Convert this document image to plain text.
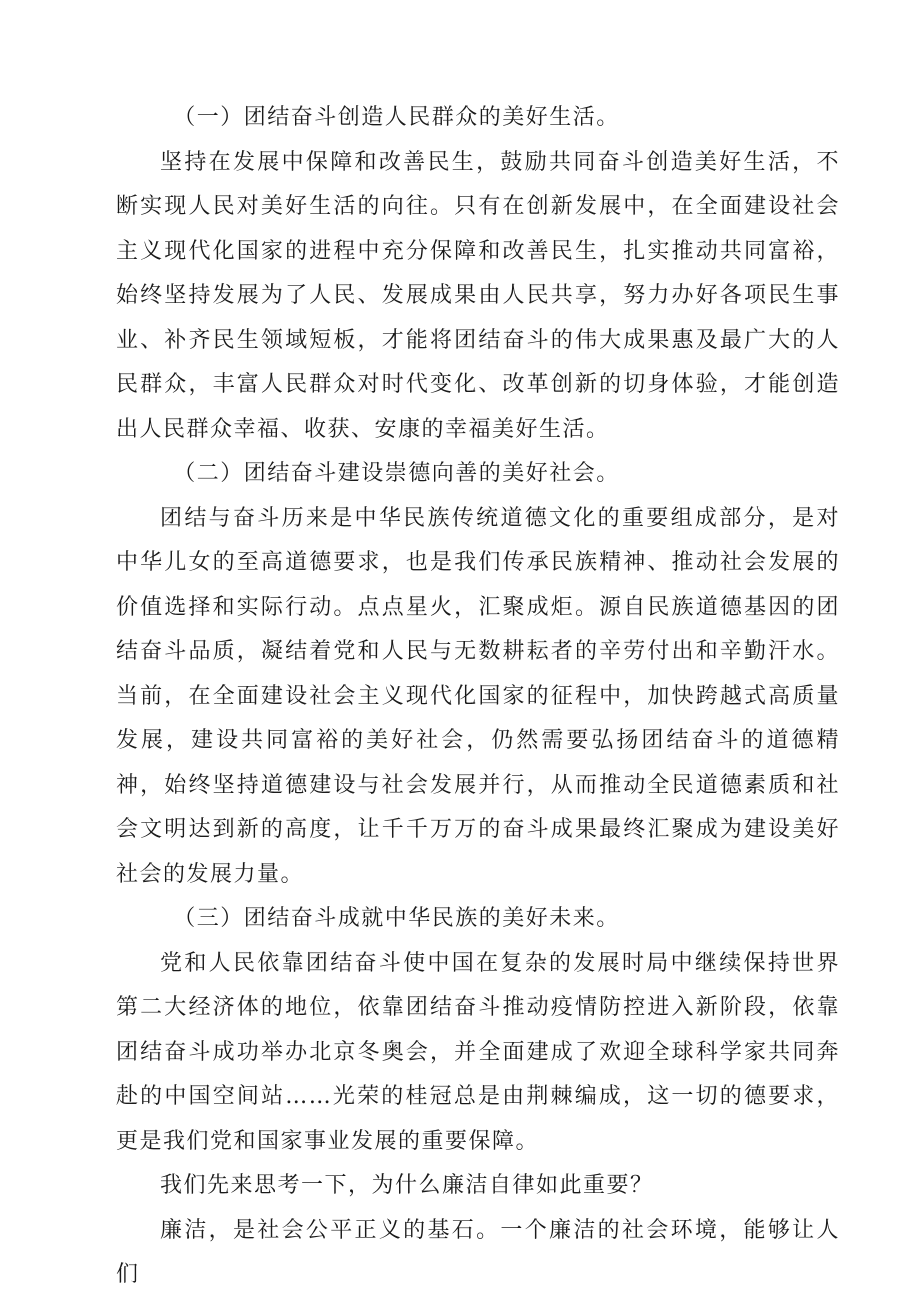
（一）团结奋斗创造人民群众的美好生活。

坚持在发展中保障和改善民生，鼓励共同奋斗创造美好生活，不断实现人民对美好生活的向往。只有在创新发展中，在全面建设社会主义现代化国家的进程中充分保障和改善民生，扎实推动共同富裕，始终坚持发展为了人民、发展成果由人民共享，努力办好各项民生事业、补齐民生领域短板，才能将团结奋斗的伟大成果惠及最广大的人民群众，丰富人民群众对时代变化、改革创新的切身体验，才能创造出人民群众幸福、收获、安康的幸福美好生活。

（二）团结奋斗建设崇德向善的美好社会。

团结与奋斗历来是中华民族传统道德文化的重要组成部分，是对中华儿女的至高道德要求，也是我们传承民族精神、推动社会发展的价值选择和实际行动。点点星火，汇聚成炬。源自民族道德基因的团结奋斗品质，凝结着党和人民与无数耕耘者的辛劳付出和辛勤汗水。当前，在全面建设社会主义现代化国家的征程中，加快跨越式高质量发展，建设共同富裕的美好社会，仍然需要弘扬团结奋斗的道德精神，始终坚持道德建设与社会发展并行，从而推动全民道德素质和社会文明达到新的高度，让千千万万的奋斗成果最终汇聚成为建设美好社会的发展力量。

（三）团结奋斗成就中华民族的美好未来。

党和人民依靠团结奋斗使中国在复杂的发展时局中继续保持世界第二大经济体的地位，依靠团结奋斗推动疫情防控进入新阶段，依靠团结奋斗成功举办北京冬奥会，并全面建成了欢迎全球科学家共同奔赴的中国空间站……光荣的桂冠总是由荆棘编成，这一切的德要求，更是我们党和国家事业发展的重要保障。

我们先来思考一下，为什么廉洁自律如此重要？

廉洁，是社会公平正义的基石。一个廉洁的社会环境，能够让人们
